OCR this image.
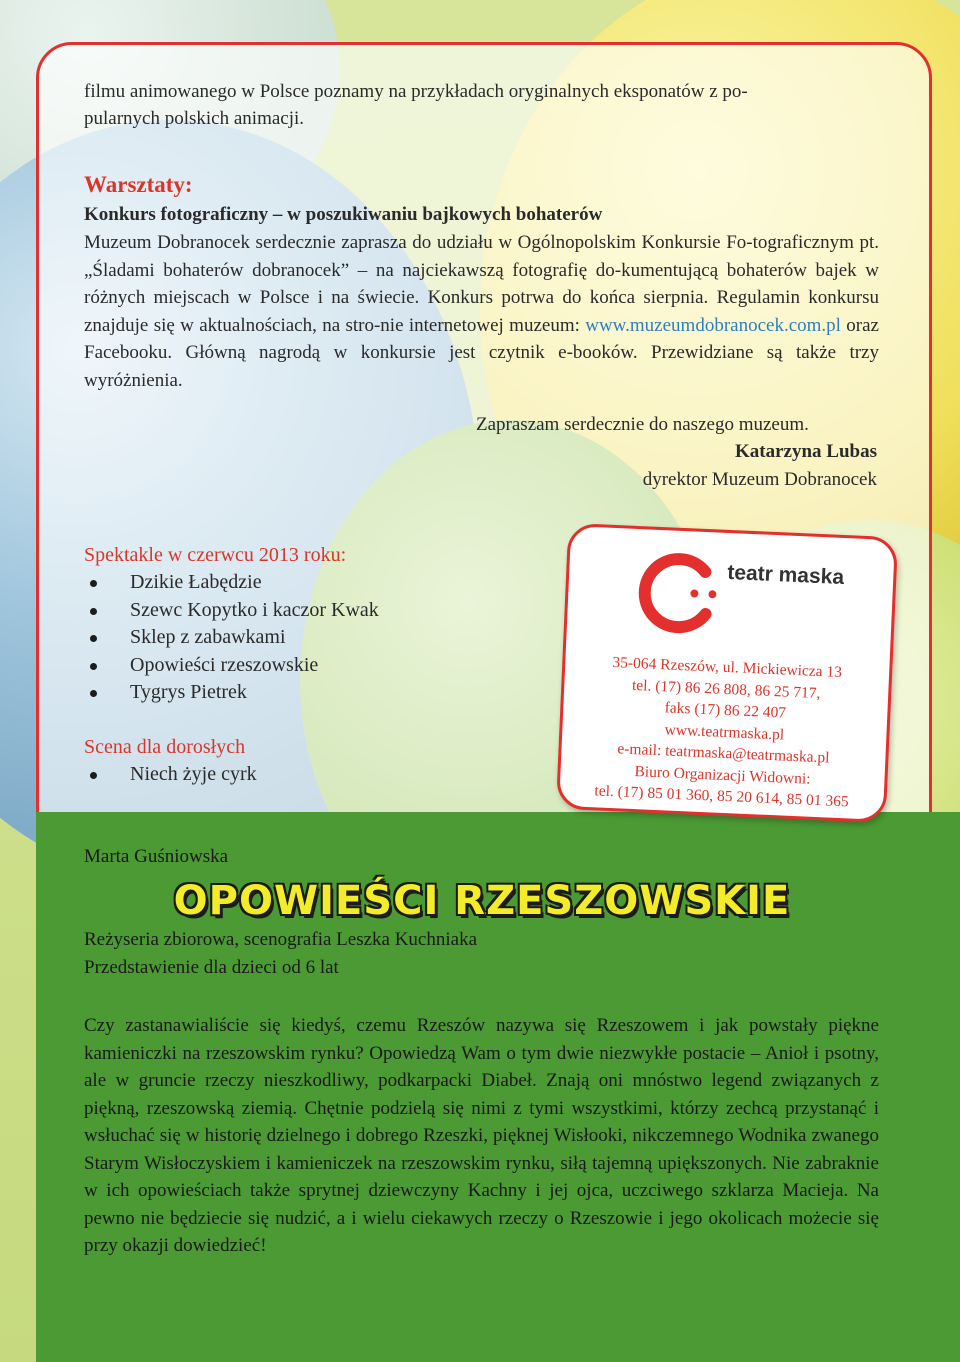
filmu animowanego w Polsce poznamy na przykładach oryginalnych eksponatów z po-

pularnych polskich animacji.

Warsztaty:

Konkurs fotograficzny – w poszukiwaniu bajkowych bohaterów

Muzeum Dobranocek serdecznie zaprasza do udziału w Ogólnopolskim Konkursie Fo-tograficznym pt. „Śladami bohaterów dobranocek” – na najciekawszą fotografię do-kumentującą bohaterów bajek w różnych miejscach w Polsce i na świecie. Konkurs potrwa do końca sierpnia. Regulamin konkursu znajduje się w aktualnościach, na stro-nie internetowej muzeum: www.muzeumdobranocek.com.pl oraz Facebooku. Główną nagrodą w konkursie jest czytnik e-booków. Przewidziane są także trzy wyróżnienia.

Zapraszam serdecznie do naszego muzeum.

Katarzyna Lubas

dyrektor Muzeum Dobranocek

Spektakle w czerwcu 2013 roku:

Dzikie Łabędzie
Szewc Kopytko i kaczor Kwak
Sklep z zabawkami
Opowieści rzeszowskie
Tygrys Pietrek

Scena dla dorosłych

Niech żyje cyrk
teatr maska
35-064 Rzeszów, ul. Mickiewicza 13
tel. (17) 86 26 808, 86 25 717,
faks (17) 86 22 407
www.teatrmaska.pl
e-mail: teatrmaska@teatrmaska.pl
Biuro Organizacji Widowni:
tel. (17) 85 01 360, 85 20 614, 85 01 365

Marta Guśniowska

OPOWIEŚCI RZESZOWSKIE

Reżyseria zbiorowa, scenografia Leszka Kuchniaka

Przedstawienie dla dzieci od 6 lat

Czy zastanawialiście się kiedyś, czemu Rzeszów nazywa się Rzeszowem i jak powstały piękne kamieniczki na rzeszowskim rynku? Opowiedzą Wam o tym dwie niezwykłe postacie – Anioł i psotny, ale w gruncie rzeczy nieszkodliwy, podkarpacki Diabeł. Znają oni mnóstwo legend związanych z piękną, rzeszowską ziemią. Chętnie podzielą się nimi z tymi wszystkimi, którzy zechcą przystanąć i wsłuchać się w historię dzielnego i dobrego Rzeszki, pięknej Wisłooki, nikczemnego Wodnika zwanego Starym Wisłoczyskiem i kamieniczek na rzeszowskim rynku, siłą tajemną upiększonych. Nie zabraknie w ich opowieściach także sprytnej dziewczyny Kachny i jej ojca, uczciwego szklarza Macieja. Na pewno nie będziecie się nudzić, a i wielu ciekawych rzeczy o Rzeszowie i jego okolicach możecie się przy okazji dowiedzieć!
